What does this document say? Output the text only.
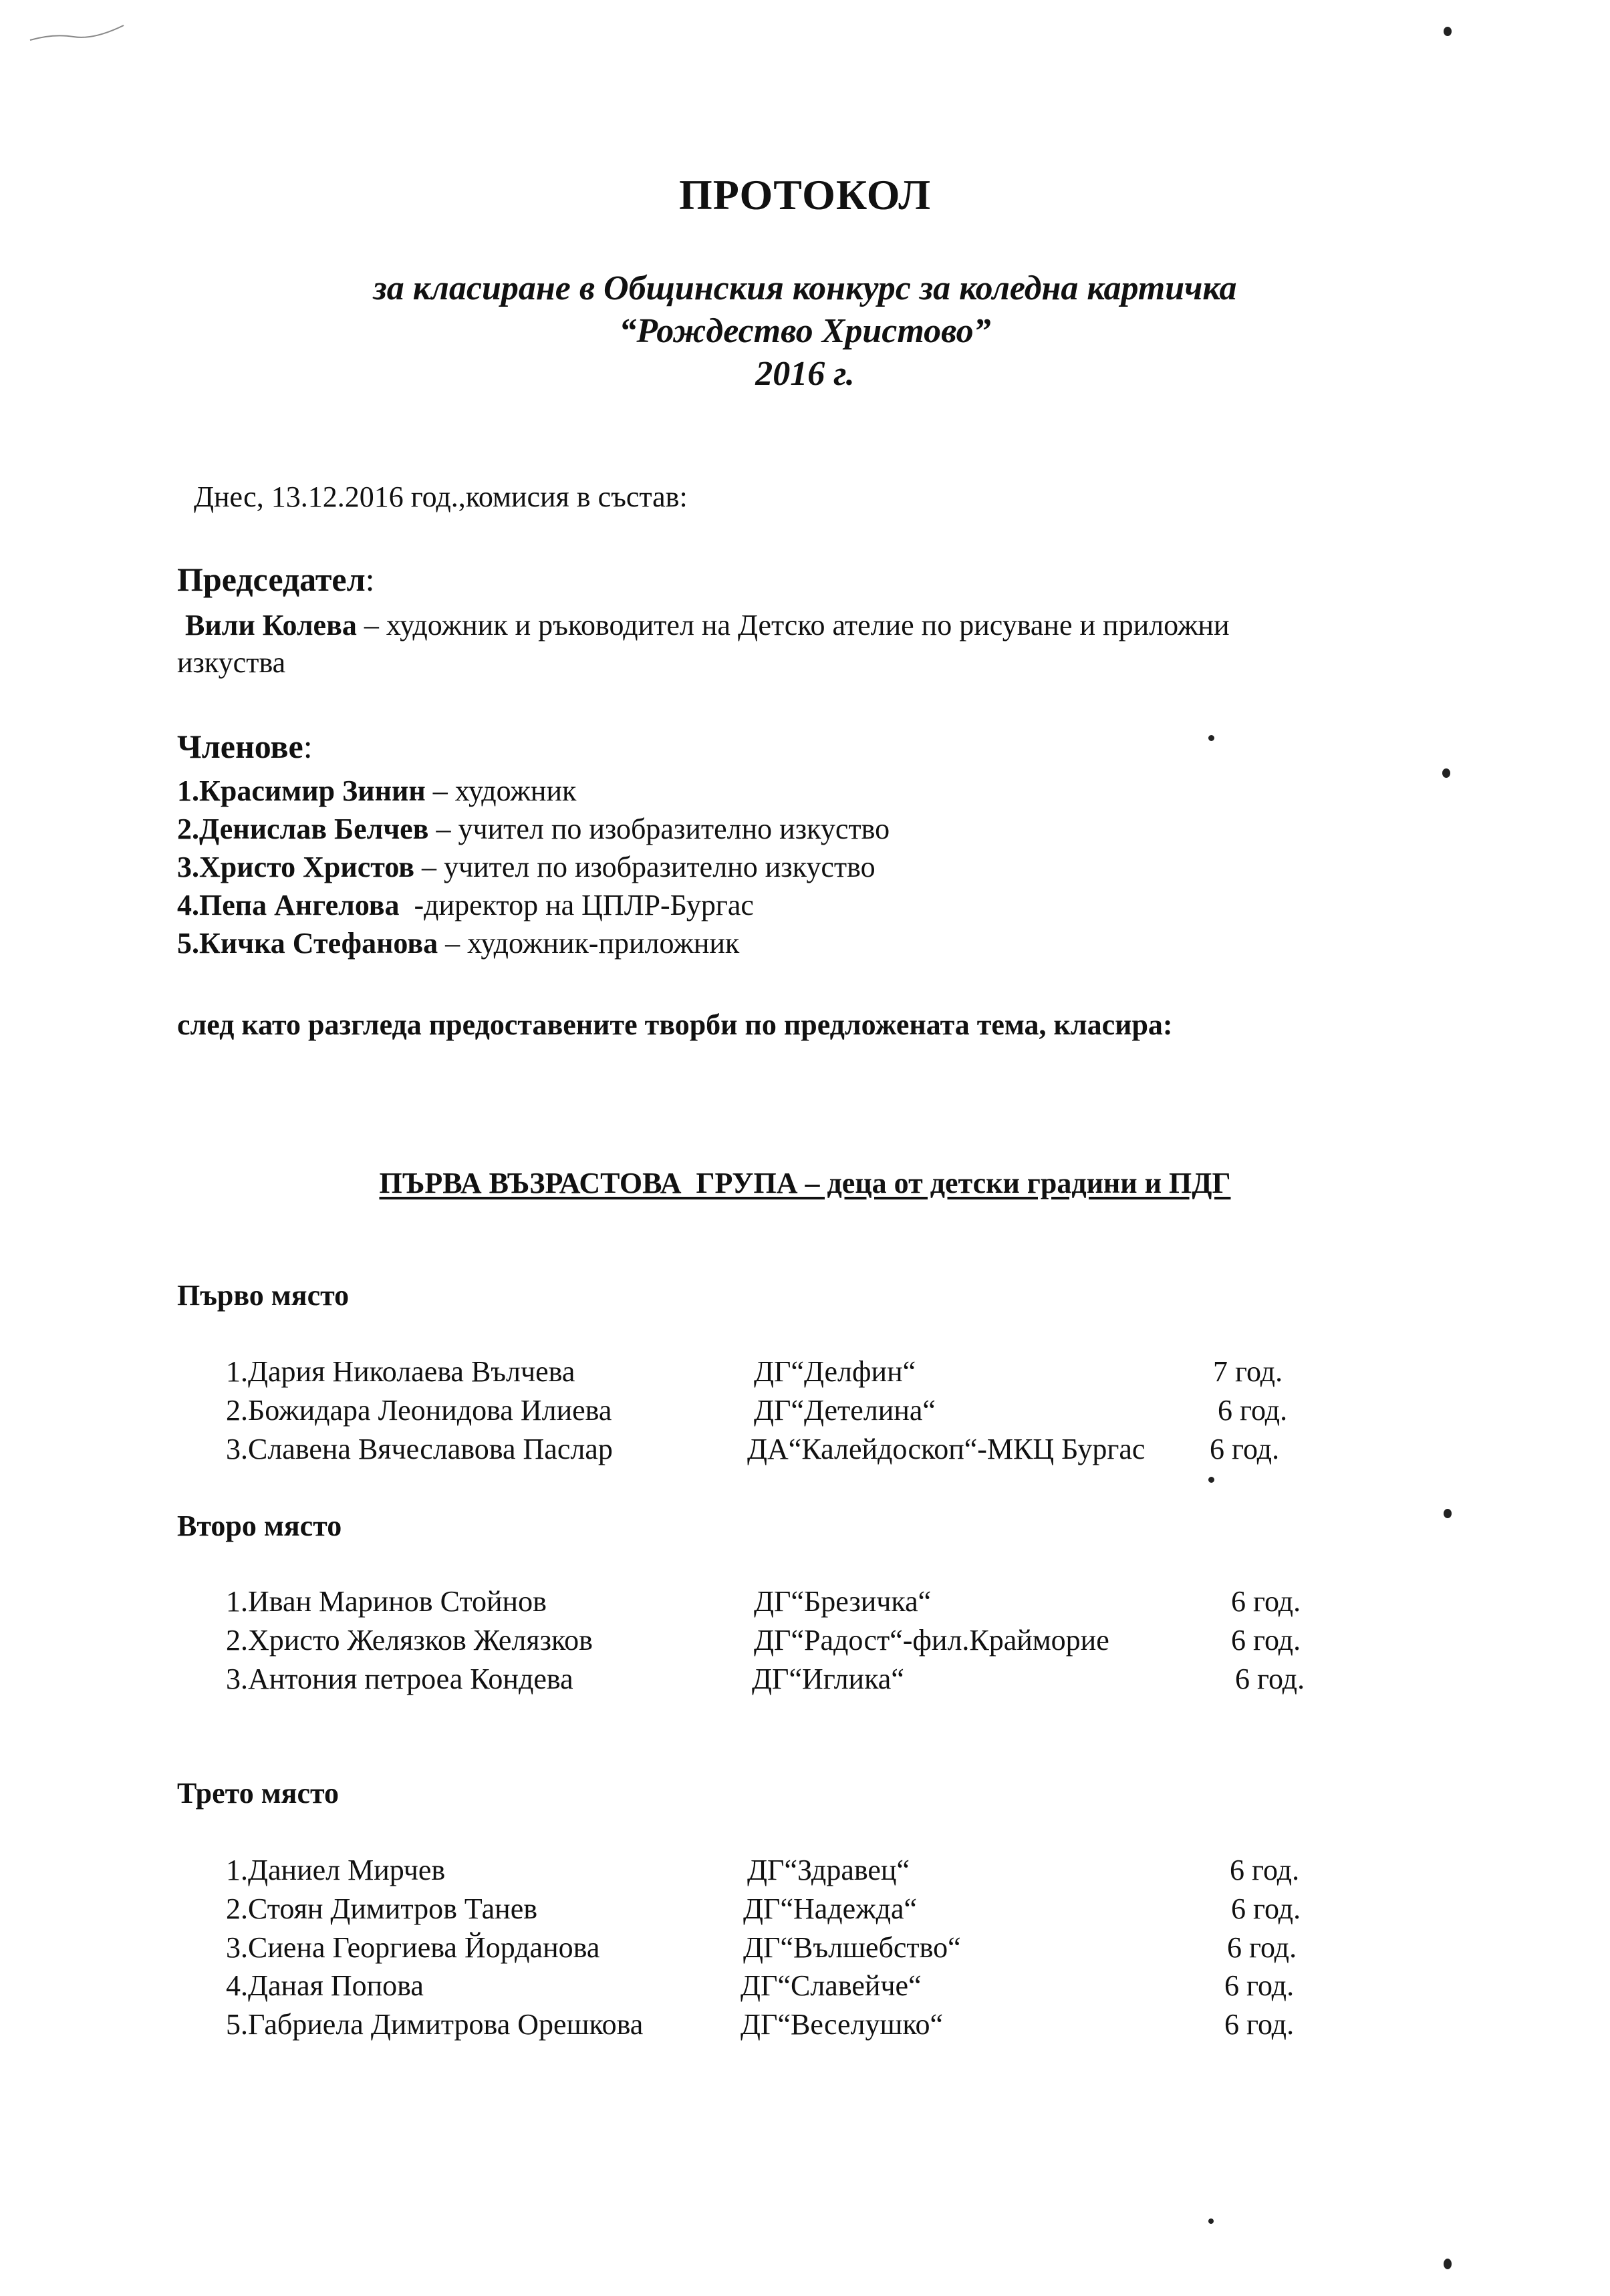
ПРОТОКОЛ
за класиране в Общинския конкурс за коледна картичка
“Рождество Христово”
2016 г.
Днес, 13.12.2016 год.,комисия в състав:
Председател:
Вили Колева – художник и ръководител на Детско ателие по рисуване и приложни
изкуства
Членове:
1.Красимир Зинин – художник
2.Денислав Белчев – учител по изобразително изкуство
3.Христо Христов – учител по изобразително изкуство
4.Пепа Ангелова  -директор на ЦПЛР-Бургас
5.Кичка Стефанова – художник-приложник
след като разгледа предоставените творби по предложената тема, класира:
ПЪРВА ВЪЗРАСТОВА  ГРУПА – деца от детски градини и ПДГ
Първо място
1.Дария Николаева Вълчева	ДГ“Делфин“	7 год.
2.Божидара Леонидова Илиева	ДГ“Детелина“	6 год.
3.Славена Вячеславова Паслар	ДА“Калейдоскоп“-МКЦ Бургас 6 год.
Второ място
1.Иван Маринов Стойнов	ДГ“Брезичка“	6 год.
2.Христо Желязков Желязков	ДГ“Радост“-фил.Крайморие	6 год.
3.Антония петроеа Кондева	ДГ“Иглика“	6 год.
Трето място
1.Даниел Мирчев	ДГ“Здравец“	6 год.
2.Стоян Димитров Танев	ДГ“Надежда“	6 год.
3.Сиена Георгиева Йорданова	ДГ“Вълшебство“	6 год.
4.Даная Попова	ДГ“Славейче“	6 год.
5.Габриела Димитрова Орешкова	ДГ“Веселушко“	6 год.
